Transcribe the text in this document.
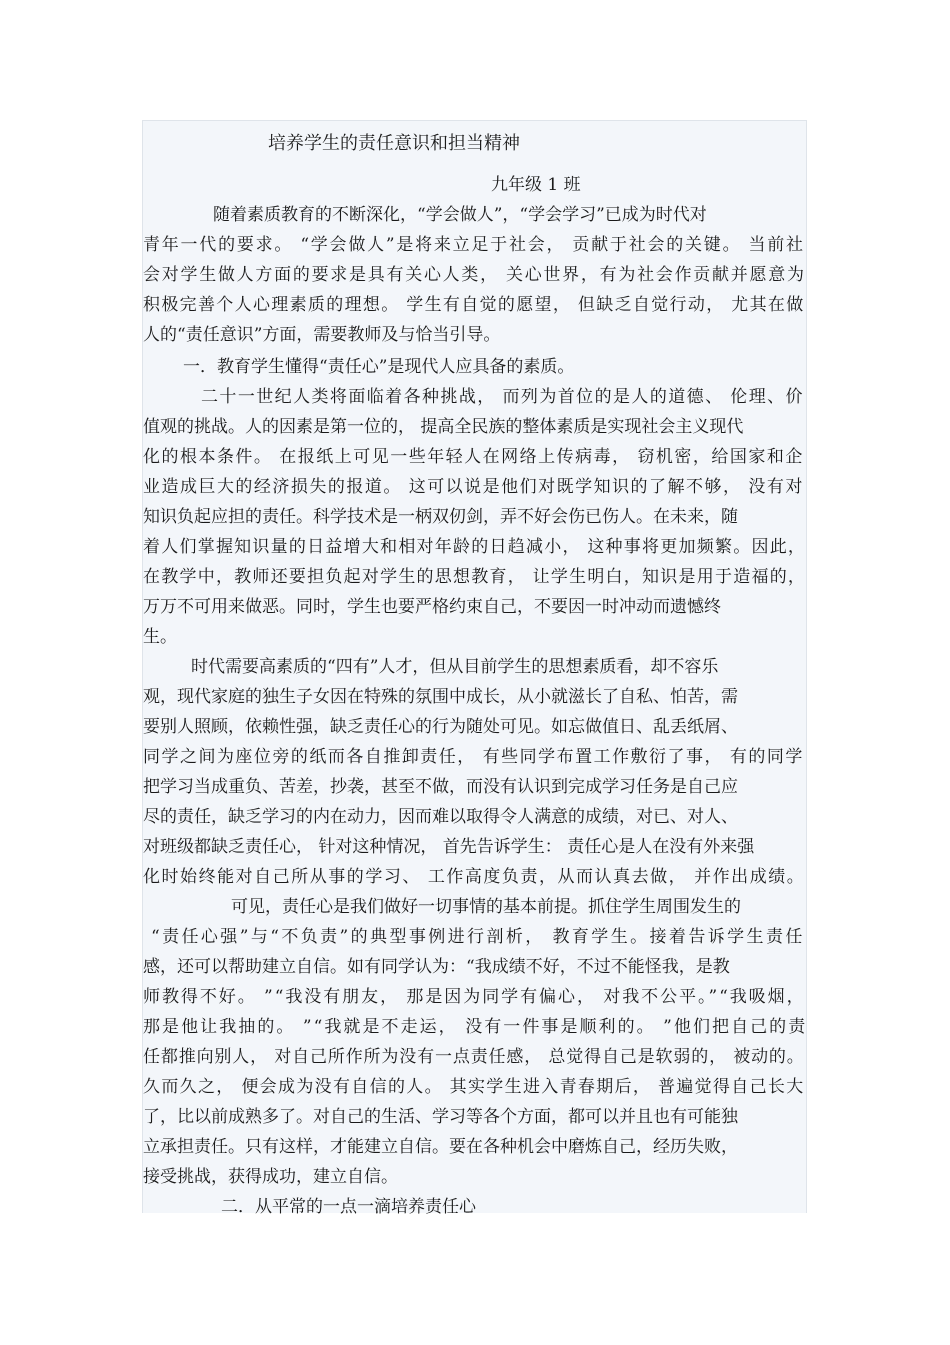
培养学生的责任意识和担当精神
九年级 1 班
随着素质教育的不断深化，“学会做人”，“学会学习”已成为时代对
青年一代的要求。 “学会做人”是将来立足于社会， 贡献于社会的关键。 当前社
会对学生做人方面的要求是具有关心人类， 关心世界，有为社会作贡献并愿意为
积极完善个人心理素质的理想。 学生有自觉的愿望， 但缺乏自觉行动， 尤其在做
人的“责任意识”方面，需要教师及与恰当引导。
一．教育学生懂得“责任心”是现代人应具备的素质。
二十一世纪人类将面临着各种挑战， 而列为首位的是人的道德、 伦理、价
值观的挑战。人的因素是第一位的， 提高全民族的整体素质是实现社会主义现代
化的根本条件。 在报纸上可见一些年轻人在网络上传病毒， 窃机密，给国家和企
业造成巨大的经济损失的报道。 这可以说是他们对既学知识的了解不够， 没有对
知识负起应担的责任。科学技术是一柄双仞剑，弄不好会伤已伤人。在未来，随
着人们掌握知识量的日益增大和相对年龄的日趋减小， 这种事将更加频繁。因此，
在教学中，教师还要担负起对学生的思想教育， 让学生明白，知识是用于造福的，
万万不可用来做恶。同时，学生也要严格约束自己，不要因一时冲动而遗憾终
生。
时代需要高素质的“四有”人才，但从目前学生的思想素质看，却不容乐
观，现代家庭的独生子女因在特殊的氛围中成长，从小就滋长了自私、怕苦，需
要别人照顾，依赖性强，缺乏责任心的行为随处可见。如忘做值日、乱丢纸屑、
同学之间为座位旁的纸而各自推卸责任， 有些同学布置工作敷衍了事， 有的同学
把学习当成重负、苦差，抄袭，甚至不做，而没有认识到完成学习任务是自己应
尽的责任，缺乏学习的内在动力，因而难以取得令人满意的成绩，对已、对人、
对班级都缺乏责任心， 针对这种情况， 首先告诉学生： 责任心是人在没有外来强
化时始终能对自己所从事的学习、 工作高度负责，从而认真去做， 并作出成绩。
可见，责任心是我们做好一切事情的基本前提。抓住学生周围发生的
“责任心强”与“不负责”的典型事例进行剖析， 教育学生。接着告诉学生责任
感，还可以帮助建立自信。如有同学认为：“我成绩不好，不过不能怪我，是教
师教得不好。 ”“我没有朋友， 那是因为同学有偏心， 对我不公平。”“我吸烟，
那是他让我抽的。 ”“我就是不走运， 没有一件事是顺利的。 ”他们把自己的责
任都推向别人， 对自己所作所为没有一点责任感， 总觉得自己是软弱的， 被动的。
久而久之， 便会成为没有自信的人。 其实学生进入青春期后， 普遍觉得自己长大
了，比以前成熟多了。对自己的生活、学习等各个方面，都可以并且也有可能独
立承担责任。只有这样，才能建立自信。要在各种机会中磨炼自己，经历失败，
接受挑战，获得成功，建立自信。
二．从平常的一点一滴培养责任心
